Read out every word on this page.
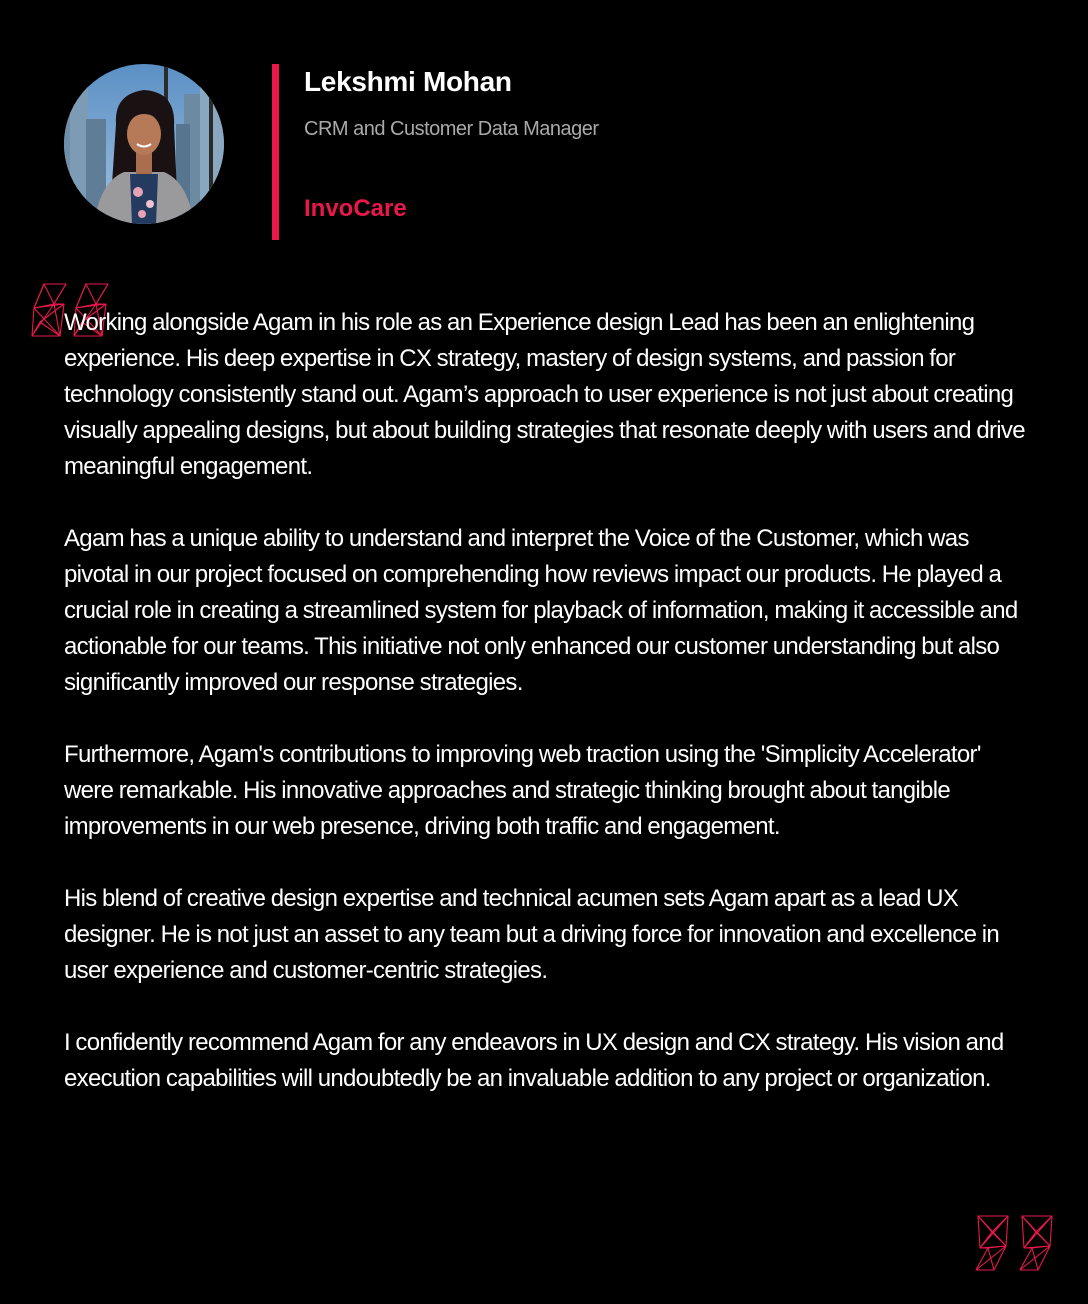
Lekshmi Mohan
CRM and Customer Data Manager
InvoCare

Working alongside Agam in his role as an Experience design Lead has been an enlightening experience. His deep expertise in CX strategy, mastery of design systems, and passion for technology consistently stand out. Agam’s approach to user experience is not just about creating visually appealing designs, but about building strategies that resonate deeply with users and drive meaningful engagement.

Agam has a unique ability to understand and interpret the Voice of the Customer, which was pivotal in our project focused on comprehending how reviews impact our products. He played a crucial role in creating a streamlined system for playback of information, making it accessible and actionable for our teams. This initiative not only enhanced our customer understanding but also significantly improved our response strategies.

Furthermore, Agam's contributions to improving web traction using the 'Simplicity Accelerator' were remarkable. His innovative approaches and strategic thinking brought about tangible improvements in our web presence, driving both traffic and engagement.

His blend of creative design expertise and technical acumen sets Agam apart as a lead UX designer. He is not just an asset to any team but a driving force for innovation and excellence in user experience and customer-centric strategies.

I confidently recommend Agam for any endeavors in UX design and CX strategy. His vision and execution capabilities will undoubtedly be an invaluable addition to any project or organization.
